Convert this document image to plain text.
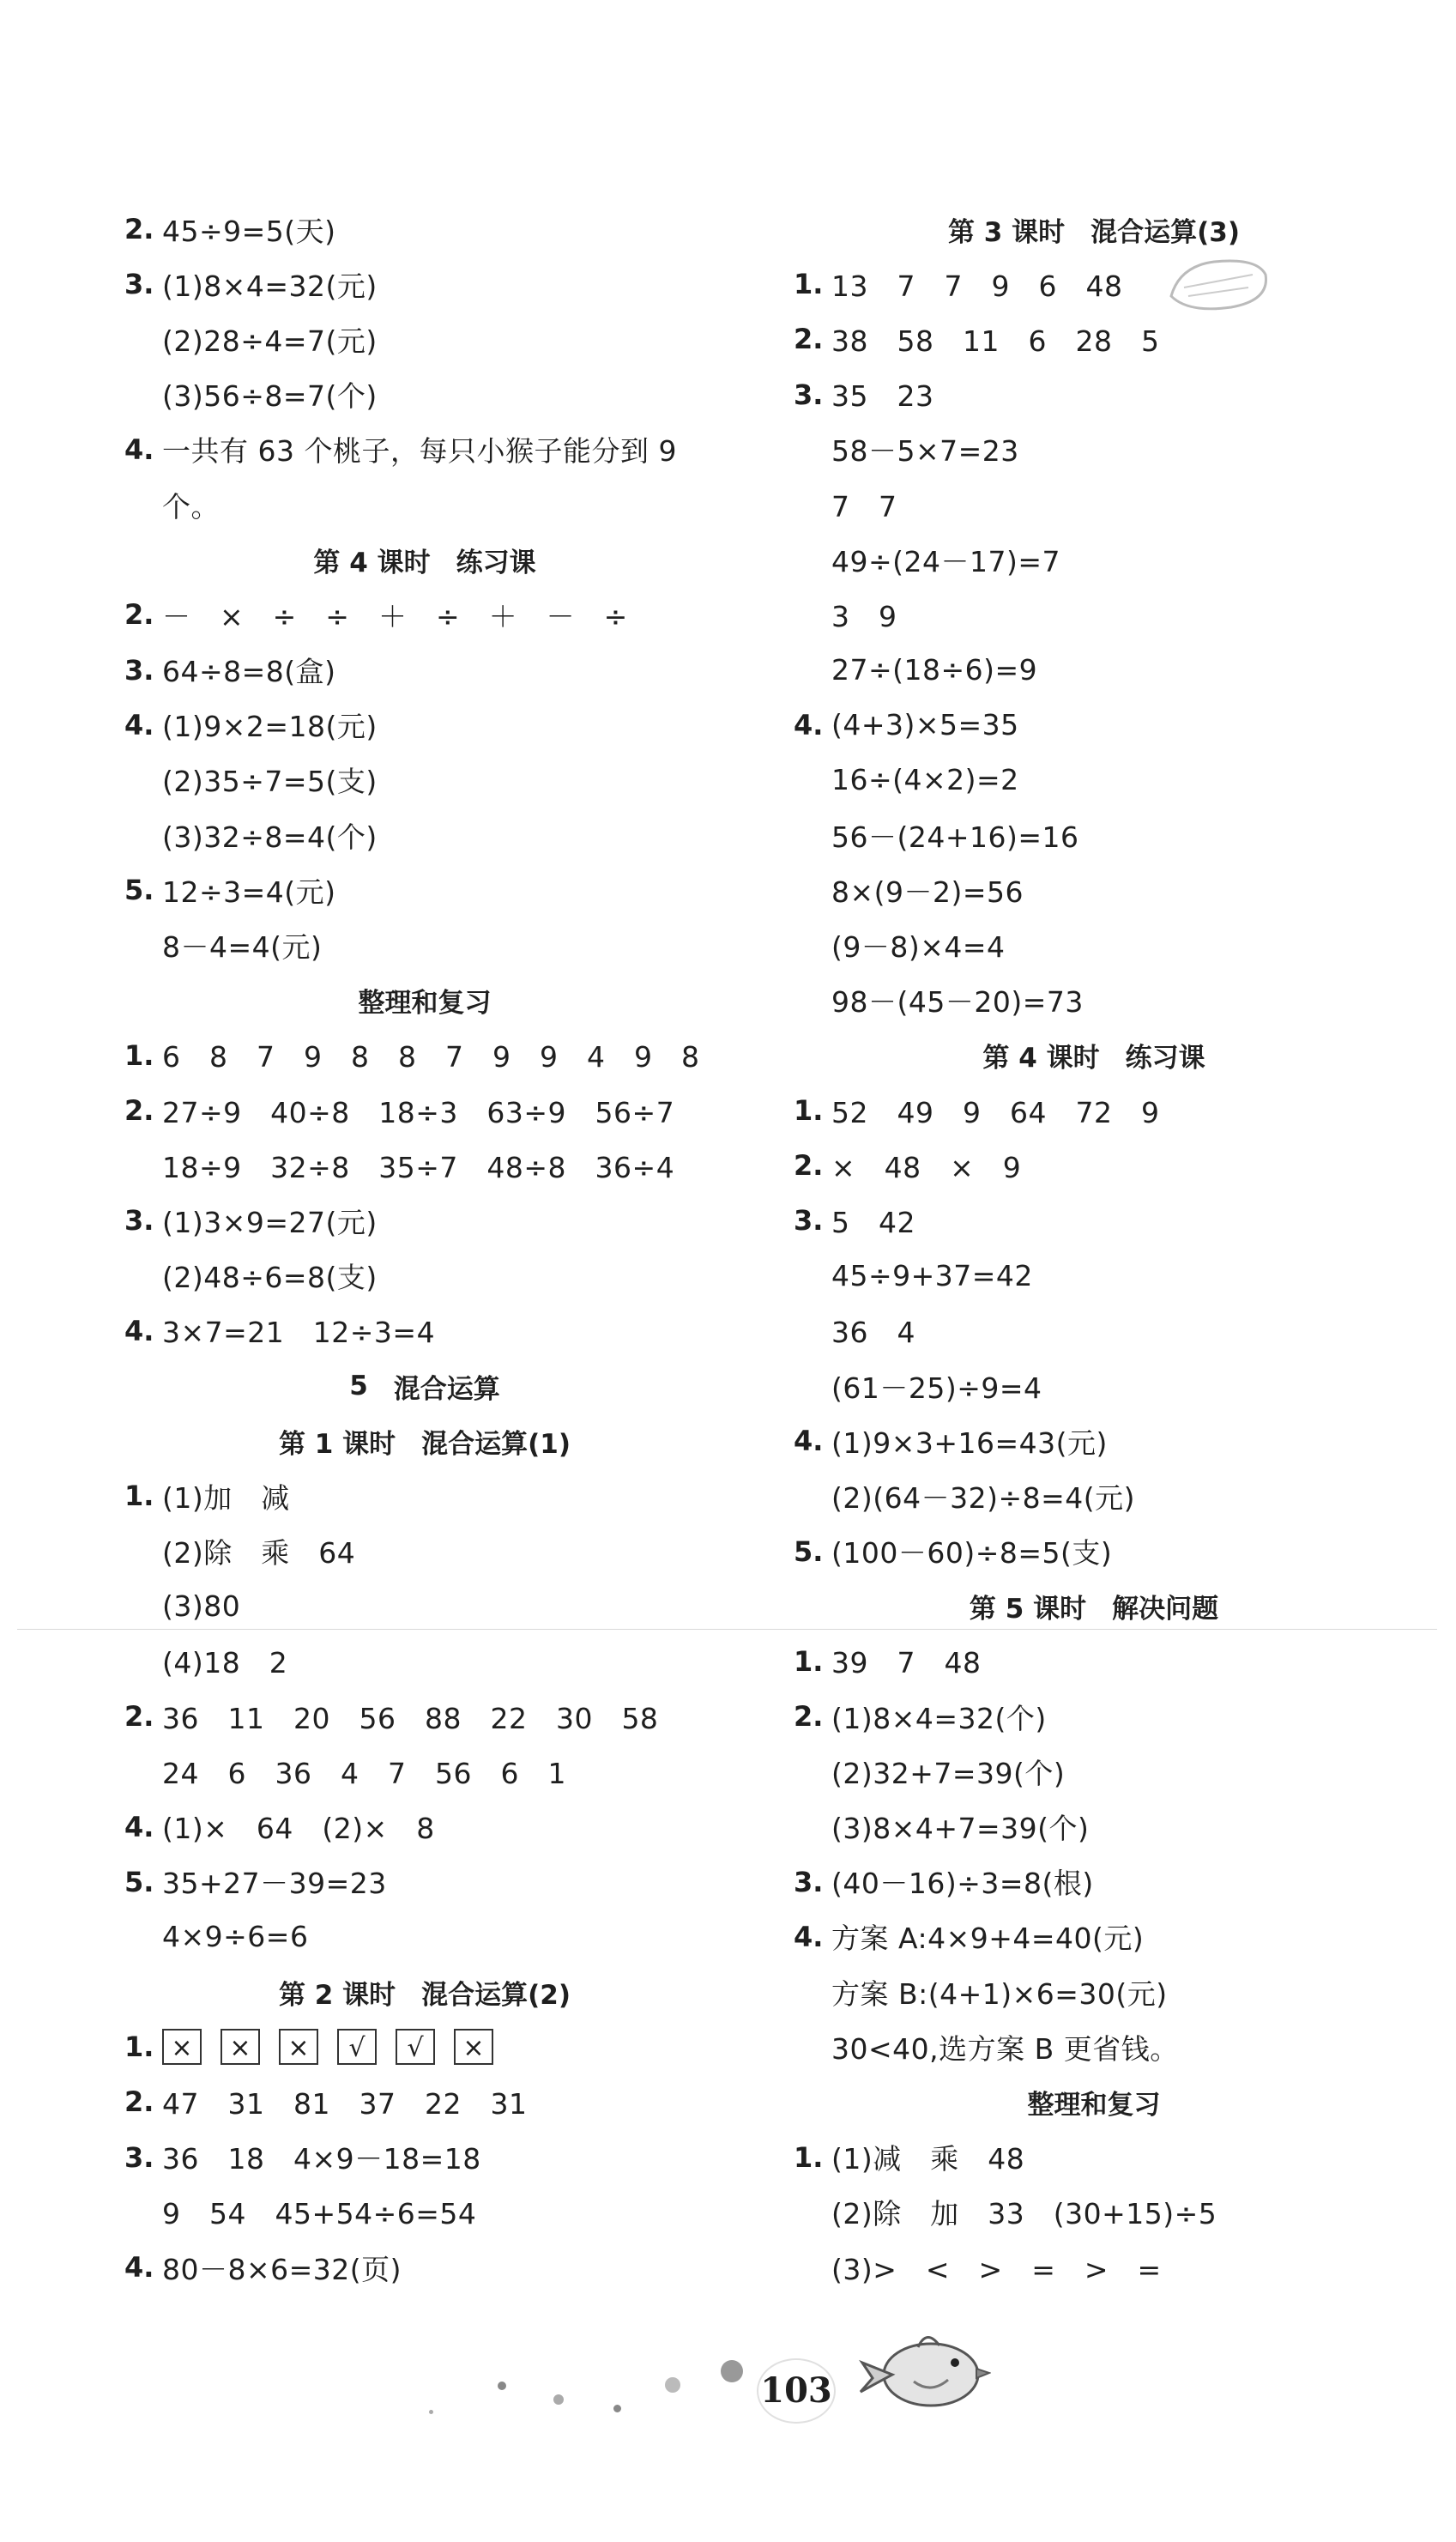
2. 45÷9=5(天)
3. (1)8×4=32(元)
(2)28÷4=7(元)
(3)56÷8=7(个)
4. 一共有 63 个桃子，每只小猴子能分到 9
个。
第 4 课时 练习课
2. －　×　÷　÷　＋　÷　＋　－　÷
3. 64÷8=8(盒)
4. (1)9×2=18(元)
(2)35÷7=5(支)
(3)32÷8=4(个)
5. 12÷3=4(元)
8－4=4(元)
整理和复习
1. 6　8　7　9　8　8　7　9　9　4　9　8
2. 27÷9　40÷8　18÷3　63÷9　56÷7
18÷9　32÷8　35÷7　48÷8　36÷4
3. (1)3×9=27(元)
(2)48÷6=8(支)
4. 3×7=21　12÷3=4
5 混合运算
第 1 课时 混合运算(1)
1. (1)加　减
(2)除　乘　64
(3)80
(4)18　2
2. 36　11　20　56　88　22　30　58
24　6　36　4　7　56　6　1
4. (1)×　64　(2)×　8
5. 35+27－39=23
4×9÷6=6
第 2 课时 混合运算(2)
1. ×	×	×	√	√	×
2. 47　31　81　37　22　31
3. 36　18　4×9－18=18
9　54　45+54÷6=54
4. 80－8×6=32(页)
第 3 课时 混合运算(3)
1. 13　7　7　9　6　48
2. 38　58　11　6　28　5
3. 35　23
58－5×7=23
7　7
49÷(24－17)=7
3　9
27÷(18÷6)=9
4. (4+3)×5=35
16÷(4×2)=2
56－(24+16)=16
8×(9－2)=56
(9－8)×4=4
98－(45－20)=73
第 4 课时 练习课
1. 52　49　9　64　72　9
2. ×　48　×　9
3. 5　42
45÷9+37=42
36　4
(61－25)÷9=4
4. (1)9×3+16=43(元)
(2)(64－32)÷8=4(元)
5. (100－60)÷8=5(支)
第 5 课时 解决问题
1. 39　7　48
2. (1)8×4=32(个)
(2)32+7=39(个)
(3)8×4+7=39(个)
3. (40－16)÷3=8(根)
4. 方案 A:4×9+4=40(元)
方案 B:(4+1)×6=30(元)
30<40,选方案 B 更省钱。
整理和复习
1. (1)减　乘　48
(2)除　加　33　(30+15)÷5
(3)>　<　>　=　>　=
103
